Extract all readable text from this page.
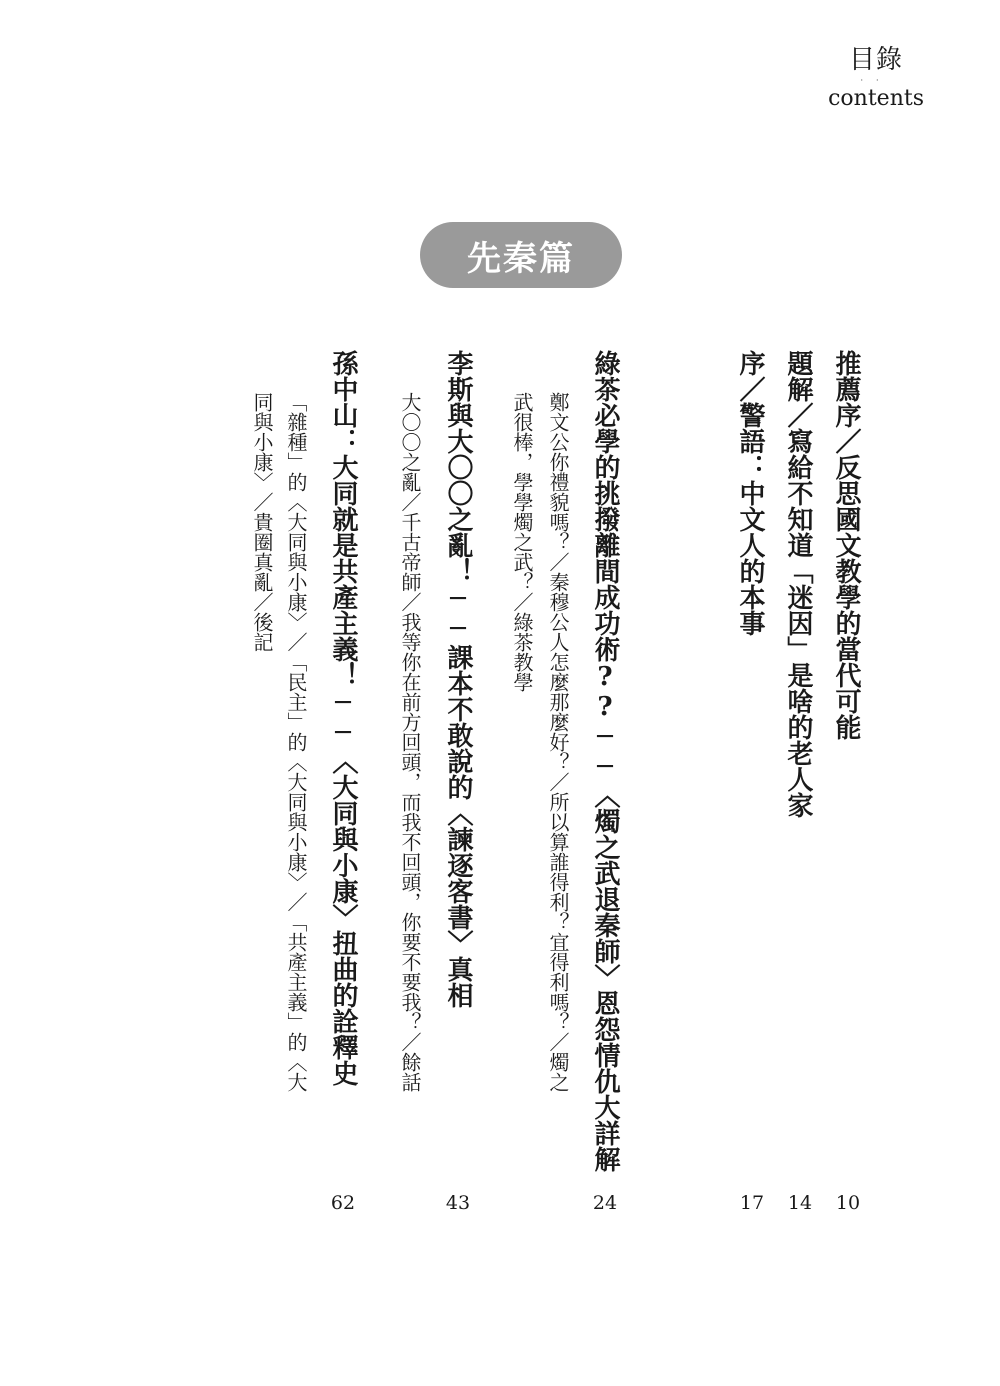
目錄
··
contents
先秦篇
推薦序／反思國文教學的當代可能
10
題解／寫給不知道「迷因」是啥的老人家
14
序／警語：中文人的本事
17
綠茶必學的挑撥離間成功術??──〈燭之武退秦師〉恩怨情仇大詳解
鄭文公你禮貌嗎？／秦穆公人怎麼那麼好？／所以算誰得利？宜得利嗎？／燭之
武很棒，學學燭之武？／綠茶教學
24
李斯與大〇〇之亂！──課本不敢說的〈諫逐客書〉真相
大〇〇之亂／千古帝師／我等你在前方回頭，而我不回頭，你要不要我？／餘話
43
孫中山：大同就是共產主義！──〈大同與小康〉扭曲的詮釋史
「雜種」的〈大同與小康〉／「民主」的〈大同與小康〉／「共產主義」的〈大
同與小康〉／貴圈真亂／後記
62
